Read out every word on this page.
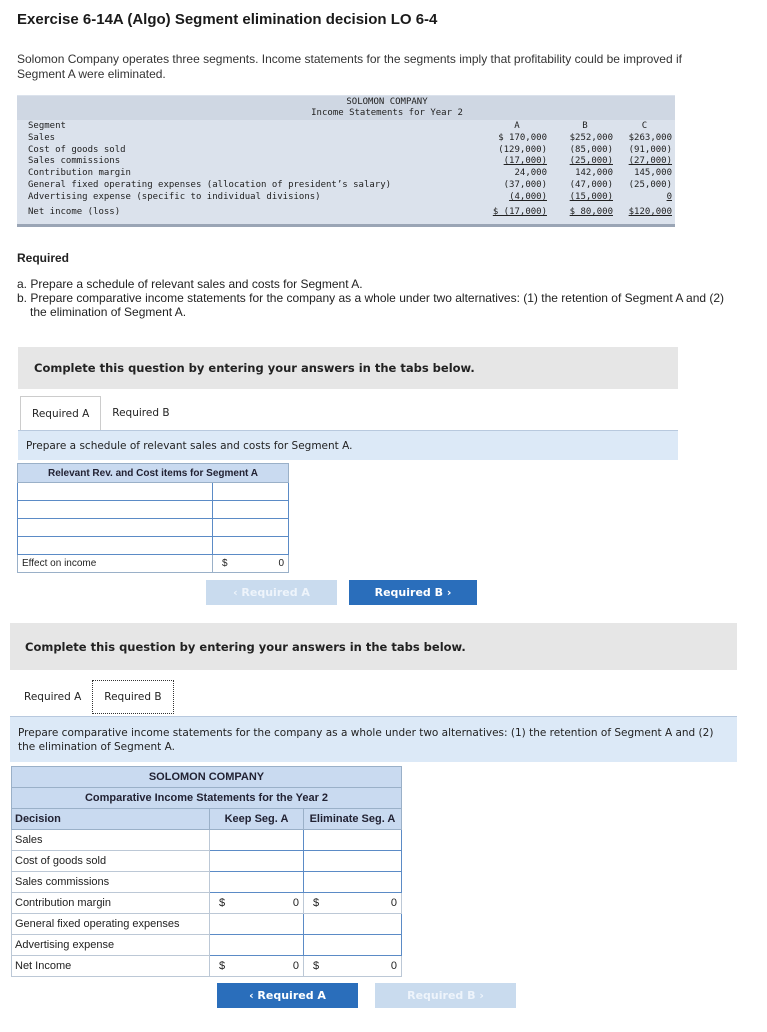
Exercise 6-14A (Algo) Segment elimination decision LO 6-4
Solomon Company operates three segments. Income statements for the segments imply that profitability could be improved if Segment A were eliminated.
SOLOMON COMPANY
Income Statements for Year 2
Segment	A	B	C
Sales	$ 170,000	$252,000	$263,000
Cost of goods sold	(129,000)	(85,000)	(91,000)
Sales commissions	(17,000)	(25,000)	(27,000)
Contribution margin	24,000	142,000	145,000
General fixed operating expenses (allocation of president’s salary)	(37,000)	(47,000)	(25,000)
Advertising expense (specific to individual divisions)	(4,000)	(15,000)	0
Net income (loss)	$ (17,000)	$ 80,000	$120,000
Required
a. Prepare a schedule of relevant sales and costs for Segment A.
b. Prepare comparative income statements for the company as a whole under two alternatives: (1) the retention of Segment A and (2) the elimination of Segment A.
Complete this question by entering your answers in the tabs below.
Required A	Required B
Prepare a schedule of relevant sales and costs for Segment A.
Relevant Rev. and Cost items for Segment A	

Effect on income	$ 0
‹ Required A	Required B ›
Complete this question by entering your answers in the tabs below.
Required A	Required B
Prepare comparative income statements for the company as a whole under two alternatives: (1) the retention of Segment A and (2) the elimination of Segment A.
SOLOMON COMPANY		
Comparative Income Statements for the Year 2		
Decision	Keep Seg. A	Eliminate Seg. A
Sales		
Cost of goods sold		
Sales commissions		
Contribution margin	$ 0	$ 0

General fixed operating expenses		
Advertising expense		
Net Income	$ 0	$ 0
‹ Required A	Required B ›
